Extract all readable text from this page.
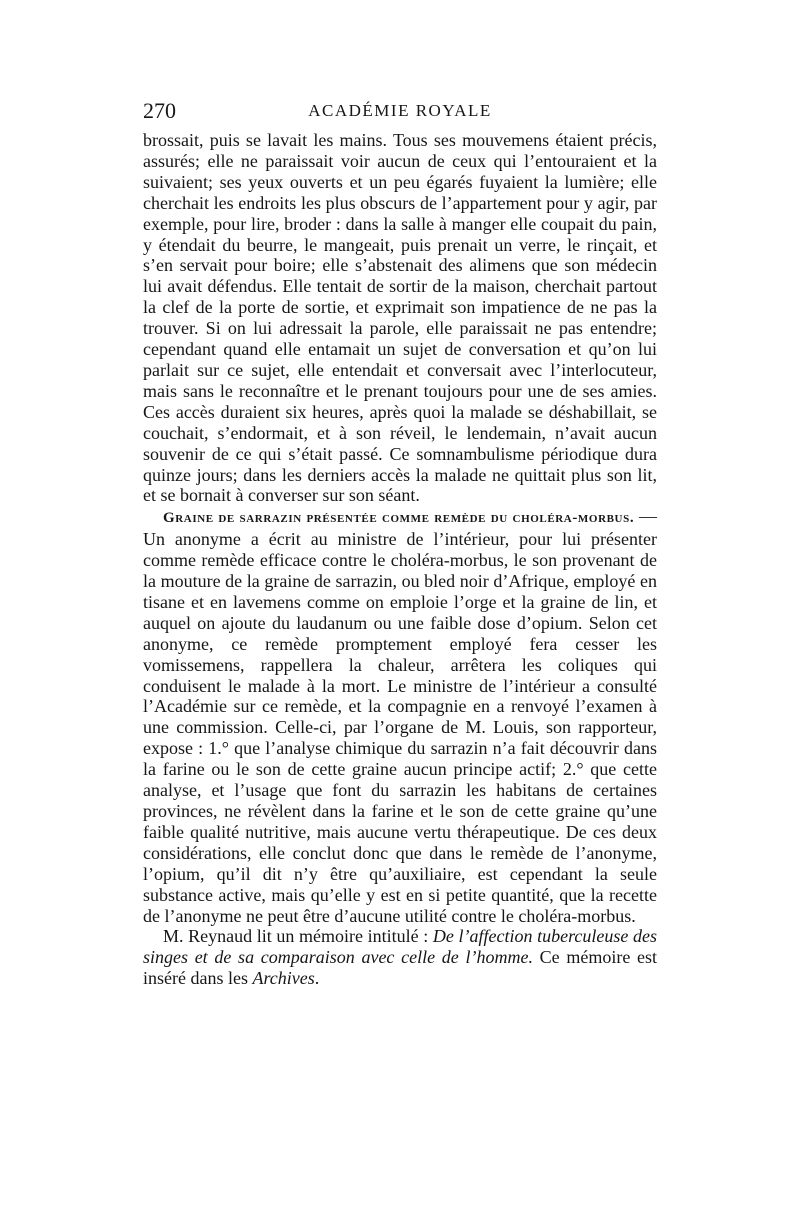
270	ACADÉMIE ROYALE

brossait, puis se lavait les mains. Tous ses mouvemens étaient précis, assurés; elle ne paraissait voir aucun de ceux qui l’entouraient et la suivaient; ses yeux ouverts et un peu égarés fuyaient la lumière; elle cherchait les endroits les plus obscurs de l’appartement pour y agir, par exemple, pour lire, broder : dans la salle à manger elle coupait du pain, y étendait du beurre, le mangeait, puis prenait un verre, le rinçait, et s’en servait pour boire; elle s’abstenait des alimens que son médecin lui avait défendus. Elle tentait de sortir de la maison, cherchait partout la clef de la porte de sortie, et exprimait son impatience de ne pas la trouver. Si on lui adressait la parole, elle paraissait ne pas entendre; cependant quand elle entamait un sujet de conversation et qu’on lui parlait sur ce sujet, elle entendait et conversait avec l’interlocuteur, mais sans le reconnaître et le prenant toujours pour une de ses amies. Ces accès duraient six heures, après quoi la malade se déshabillait, se couchait, s’endormait, et à son réveil, le lendemain, n’avait aucun souvenir de ce qui s’était passé. Ce somnambulisme périodique dura quinze jours; dans les derniers accès la malade ne quittait plus son lit, et se bornait à converser sur son séant.

Graine de sarrazin présentée comme remède du choléra-morbus. — Un anonyme a écrit au ministre de l’intérieur, pour lui présenter comme remède efficace contre le choléra-morbus, le son provenant de la mouture de la graine de sarrazin, ou bled noir d’Afrique, employé en tisane et en lavemens comme on emploie l’orge et la graine de lin, et auquel on ajoute du laudanum ou une faible dose d’opium. Selon cet anonyme, ce remède promptement employé fera cesser les vomissemens, rappellera la chaleur, arrêtera les coliques qui conduisent le malade à la mort. Le ministre de l’intérieur a consulté l’Académie sur ce remède, et la compagnie en a renvoyé l’examen à une commission. Celle-ci, par l’organe de M. Louis, son rapporteur, expose : 1.° que l’analyse chimique du sarrazin n’a fait découvrir dans la farine ou le son de cette graine aucun principe actif; 2.° que cette analyse, et l’usage que font du sarrazin les habitans de certaines provinces, ne révèlent dans la farine et le son de cette graine qu’une faible qualité nutritive, mais aucune vertu thérapeutique. De ces deux considérations, elle conclut donc que dans le remède de l’anonyme, l’opium, qu’il dit n’y être qu’auxiliaire, est cependant la seule substance active, mais qu’elle y est en si petite quantité, que la recette de l’anonyme ne peut être d’aucune utilité contre le choléra-morbus.

M. Reynaud lit un mémoire intitulé : De l’affection tuberculeuse des singes et de sa comparaison avec celle de l’homme. Ce mémoire est inséré dans les Archives.
